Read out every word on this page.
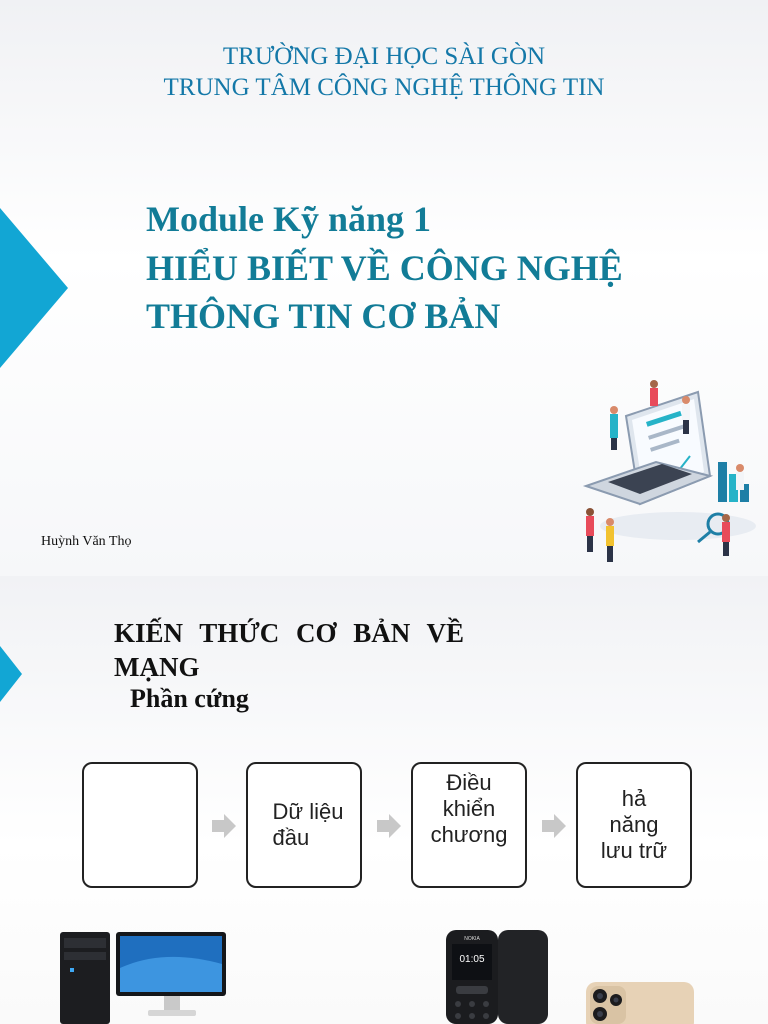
TRƯỜNG ĐẠI HỌC SÀI GÒN
TRUNG TÂM CÔNG NGHỆ THÔNG TIN
Module Kỹ năng 1
HIỂU BIẾT VỀ CÔNG NGHỆ
THÔNG TIN CƠ BẢN
Huỳnh Văn Thọ
KIẾN THỨC CƠ BẢN VỀ
MẠNG
Phần cứng
Dữ liệu
đầu
Điều
khiển
chương
hả
năng
lưu trữ
NOKIA
01:05
